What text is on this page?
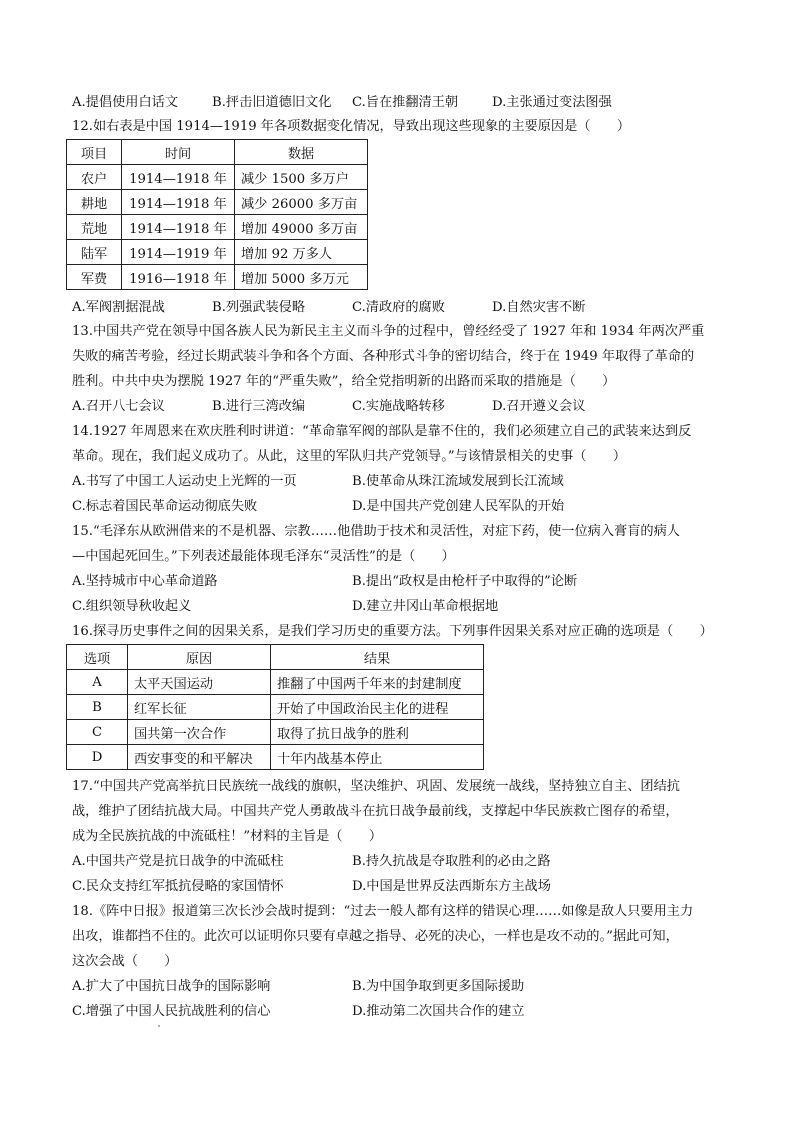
A.提倡使用白话文	B.抨击旧道德旧文化 C.旨在推翻清王朝	D.主张通过变法图强
12.如右表是中国 1914—1919 年各项数据变化情况，导致出现这些现象的主要原因是（　　）
项目	时间	数据
农户	1914—1918 年	减少 1500 多万户
耕地	1914—1918 年	减少 26000 多万亩
荒地	1914—1918 年	增加 49000 多万亩
陆军	1914—1919 年	增加 92 万多人
军费	1916—1918 年	增加 5000 多万元
A.军阀割据混战	B.列强武装侵略	C.清政府的腐败	D.自然灾害不断
13.中国共产党在领导中国各族人民为新民主主义而斗争的过程中，曾经经受了 1927 年和 1934 年两次严重
失败的痛苦考验，经过长期武装斗争和各个方面、各种形式斗争的密切结合，终于在 1949 年取得了革命的
胜利。中共中央为摆脱 1927 年的“严重失败”，给全党指明新的出路而采取的措施是（　　）
A.召开八七会议	B.进行三湾改编	C.实施战略转移	D.召开遵义会议
14.1927 年周恩来在欢庆胜利时讲道：“革命靠军阀的部队是靠不住的，我们必须建立自己的武装来达到反
革命。现在，我们起义成功了。从此，这里的军队归共产党领导。”与该情景相关的史事（　　）
A.书写了中国工人运动史上光辉的一页	B.使革命从珠江流域发展到长江流域
C.标志着国民革命运动彻底失败	D.是中国共产党创建人民军队的开始
15.“毛泽东从欧洲借来的不是机器、宗教……他借助于技术和灵活性，对症下药，使一位病入膏肓的病人
—中国起死回生。”下列表述最能体现毛泽东“灵活性”的是（　　）
A.坚持城市中心革命道路	B.提出“政权是由枪杆子中取得的”论断
C.组织领导秋收起义	D.建立井冈山革命根据地
16.探寻历史事件之间的因果关系，是我们学习历史的重要方法。下列事件因果关系对应正确的选项是（　　）
选项	原因	结果
A	太平天国运动	推翻了中国两千年来的封建制度
B	红军长征	开始了中国政治民主化的进程
C	国共第一次合作	取得了抗日战争的胜利
D	西安事变的和平解决	十年内战基本停止
17.“中国共产党高举抗日民族统一战线的旗帜，坚决维护、巩固、发展统一战线，坚持独立自主、团结抗
战，维护了团结抗战大局。中国共产党人勇敢战斗在抗日战争最前线，支撑起中华民族救亡图存的希望，
成为全民族抗战的中流砥柱！”材料的主旨是（　　）
A.中国共产党是抗日战争的中流砥柱	B.持久抗战是夺取胜利的必由之路
C.民众支持红军抵抗侵略的家国情怀	D.中国是世界反法西斯东方主战场
18.《阵中日报》报道第三次长沙会战时提到：“过去一般人都有这样的错误心理……如像是敌人只要用主力
出攻，谁都挡不住的。此次可以证明你只要有卓越之指导、必死的决心，一样也是攻不动的。”据此可知，
这次会战（　　）
A.扩大了中国抗日战争的国际影响	B.为中国争取到更多国际援助
C.增强了中国人民抗战胜利的信心	D.推动第二次国共合作的建立
